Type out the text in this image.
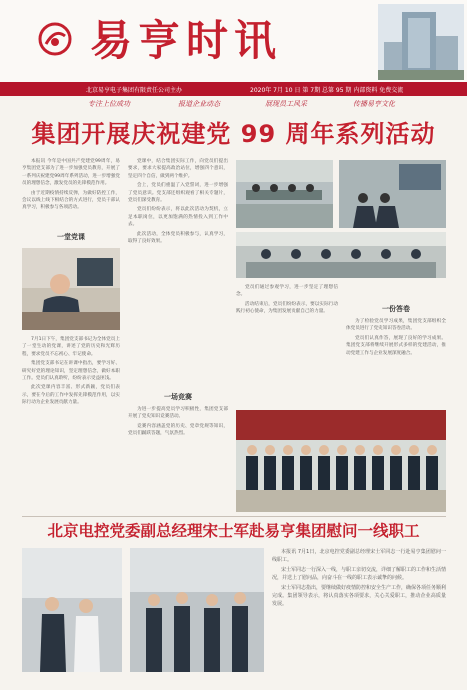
易亨时讯
北京易亨电子集团有限责任公司主办	2020年 7月 10 日 第 7期 总第 95 期 内部资料 免费交流
专注上位成功	报道企业动态	展现员工风采	传播易亨文化
集团开展庆祝建党 99 周年系列活动

本报讯 今年是中国共产党建党99周年，易亨集团党支部为了进一步加强党员教育，开展了一系列庆祝建党99周年系列活动，进一步增强党员的理想信念，激发党员的先锋模范作用。

由于近期疫情持续反弹，为做好防控工作，会议以线上线下相结合的方式进行，党员干部认真学习，积极参与各项活动。

一堂党课

7月1日下午，集团党支部书记为全体党员上了一堂生动的党课，讲述了党的历史和光辉历程，要求党员不忘初心、牢记使命。

集团党支部书记在讲课中指出，要学习好、研究好党的理论知识，坚定理想信念，做好本职工作。党员们认真聆听，纷纷表示受益匪浅。

此次党课内容丰富、形式新颖，党员们表示，要在今后的工作中发挥先锋模范作用，以实际行动为企业发展贡献力量。

党课中，结合集团实际工作，向党员们提出要求，要求大家提高政治站位，增强四个意识，坚定四个自信，做到两个维护。

会上，党员们重温了入党誓词，进一步增强了党员意识。党支部还组织观看了相关专题片，党员们深受教育。

党员们纷纷表示，将以此次活动为契机，立足本职岗位，以更加饱满的热情投入到工作中去。

此次活动，全体党员积极参与，认真学习，取得了良好效果。

一场竞赛

为进一步提高党员学习积极性，集团党支部开展了党史知识竞赛活动。

竞赛内容涵盖党的历史、党章党规等知识，党员们踊跃答题，气氛热烈。

党员们通过参观学习，进一步坚定了理想信念。

活动结束后，党员们纷纷表示，要以实际行动践行初心使命，为集团发展贡献自己的力量。	一份答卷

为了检验党员学习成果，集团党支部组织全体党员进行了党史知识答卷活动。

党员们认真作答，展现了良好的学习成果。集团党支部将继续开展形式多样的党建活动，推动党建工作与企业发展深度融合。

北京电控党委副总经理宋士军赴易亨集团慰问一线职工

本报讯 7月1日，北京电控党委副总经理宋士军同志一行赴易亨集团慰问一线职工。

宋士军同志一行深入一线，与职工亲切交流，详细了解职工的工作和生活情况，并送上了慰问品，向奋斗在一线的职工表示诚挚的问候。

宋士军同志指出，要继续做好疫情防控和安全生产工作，确保各项任务顺利完成。集团领导表示，将认真落实各项要求，关心关爱职工，推动企业高质量发展。
